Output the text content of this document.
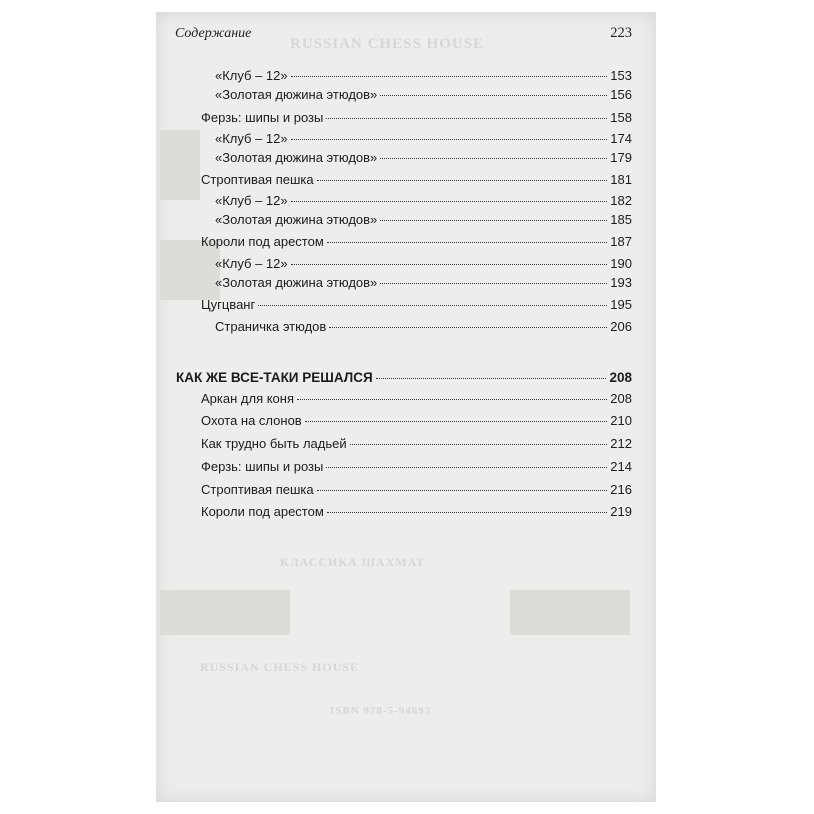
RUSSIAN CHESS HOUSE
КЛАССИКА ШАХМАТ
RUSSIAN CHESS HOUSE
ISBN 978-5-94693
Содержание	223
«Клуб – 12»	153
«Золотая дюжина этюдов»	156
Ферзь: шипы и розы	158
«Клуб – 12»	174
«Золотая дюжина этюдов»	179
Строптивая пешка	181
«Клуб – 12»	182
«Золотая дюжина этюдов»	185
Короли под арестом	187
«Клуб – 12»	190
«Золотая дюжина этюдов»	193
Цугцванг	195
Страничка этюдов	206
КАК ЖЕ ВСЕ-ТАКИ РЕШАЛСЯ	208
Аркан для коня	208
Охота на слонов	210
Как трудно быть ладьей	212
Ферзь: шипы и розы	214
Строптивая пешка	216
Короли под арестом	219
